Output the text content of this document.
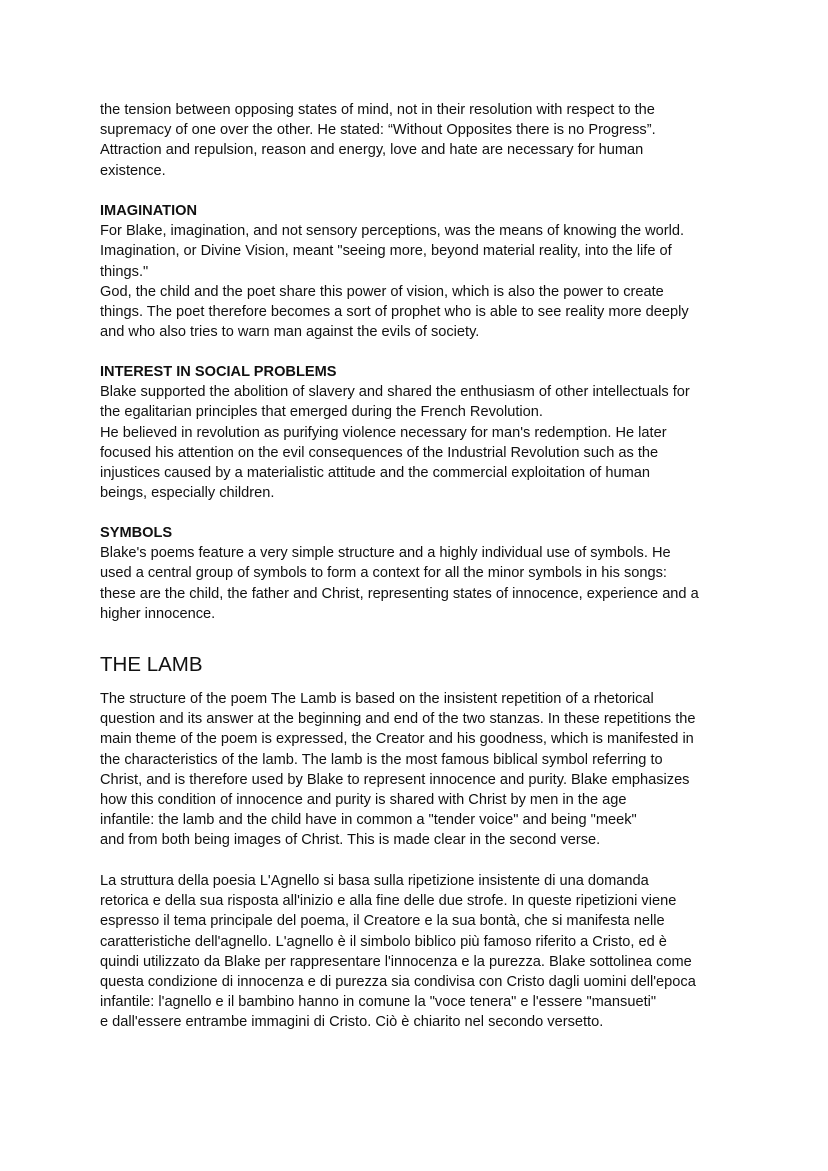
the tension between opposing states of mind, not in their resolution with respect to the
supremacy of one over the other. He stated: “Without Opposites there is no Progress”.
Attraction and repulsion, reason and energy, love and hate are necessary for human
existence.
IMAGINATION
For Blake, imagination, and not sensory perceptions, was the means of knowing the world.
Imagination, or Divine Vision, meant "seeing more, beyond material reality, into the life of
things."
God, the child and the poet share this power of vision, which is also the power to create
things. The poet therefore becomes a sort of prophet who is able to see reality more deeply
and who also tries to warn man against the evils of society.
INTEREST IN SOCIAL PROBLEMS
Blake supported the abolition of slavery and shared the enthusiasm of other intellectuals for
the egalitarian principles that emerged during the French Revolution.
He believed in revolution as purifying violence necessary for man's redemption. He later
focused his attention on the evil consequences of the Industrial Revolution such as the
injustices caused by a materialistic attitude and the commercial exploitation of human
beings, especially children.
SYMBOLS
Blake's poems feature a very simple structure and a highly individual use of symbols. He
used a central group of symbols to form a context for all the minor symbols in his songs:
these are the child, the father and Christ, representing states of innocence, experience and a
higher innocence.
THE LAMB
The structure of the poem The Lamb is based on the insistent repetition of a rhetorical
question and its answer at the beginning and end of the two stanzas. In these repetitions the
main theme of the poem is expressed, the Creator and his goodness, which is manifested in
the characteristics of the lamb. The lamb is the most famous biblical symbol referring to
Christ, and is therefore used by Blake to represent innocence and purity. Blake emphasizes
how this condition of innocence and purity is shared with Christ by men in the age
infantile: the lamb and the child have in common a "tender voice" and being "meek"
and from both being images of Christ. This is made clear in the second verse.
La struttura della poesia L'Agnello si basa sulla ripetizione insistente di una domanda
retorica e della sua risposta all'inizio e alla fine delle due strofe. In queste ripetizioni viene
espresso il tema principale del poema, il Creatore e la sua bontà, che si manifesta nelle
caratteristiche dell'agnello. L'agnello è il simbolo biblico più famoso riferito a Cristo, ed è
quindi utilizzato da Blake per rappresentare l'innocenza e la purezza. Blake sottolinea come
questa condizione di innocenza e di purezza sia condivisa con Cristo dagli uomini dell'epoca
infantile: l'agnello e il bambino hanno in comune la "voce tenera" e l'essere "mansueti"
e dall'essere entrambe immagini di Cristo. Ciò è chiarito nel secondo versetto.
